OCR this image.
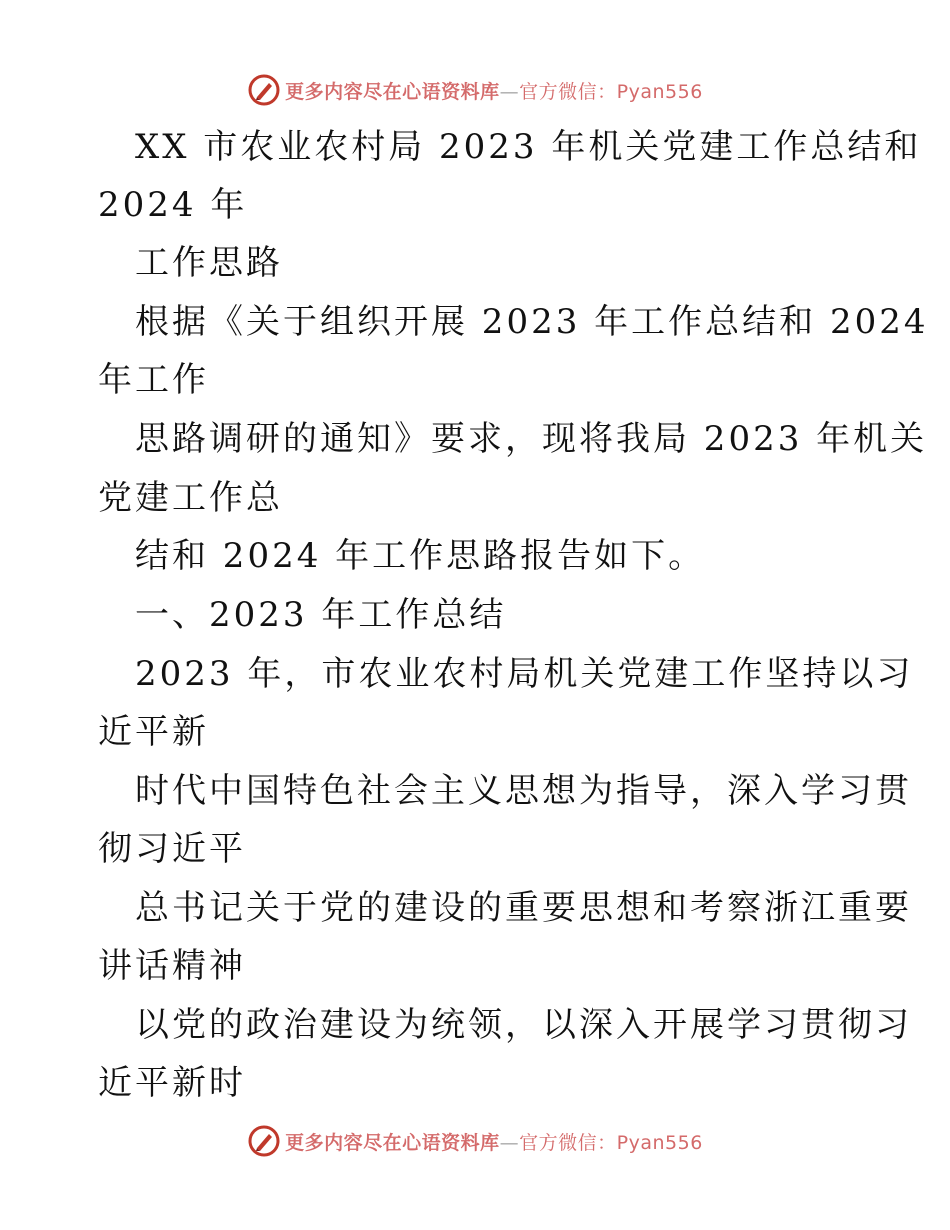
更多内容尽在心语资料库—官方微信：Pyan556
XX 市农业农村局 2023 年机关党建工作总结和
2024 年
工作思路
根据《关于组织开展 2023 年工作总结和 2024
年工作
思路调研的通知》要求，现将我局 2023 年机关
党建工作总
结和 2024 年工作思路报告如下。
一、2023 年工作总结
2023 年，市农业农村局机关党建工作坚持以习
近平新
时代中国特色社会主义思想为指导，深入学习贯
彻习近平
总书记关于党的建设的重要思想和考察浙江重要
讲话精神
以党的政治建设为统领，以深入开展学习贯彻习
近平新时
更多内容尽在心语资料库—官方微信：Pyan556
